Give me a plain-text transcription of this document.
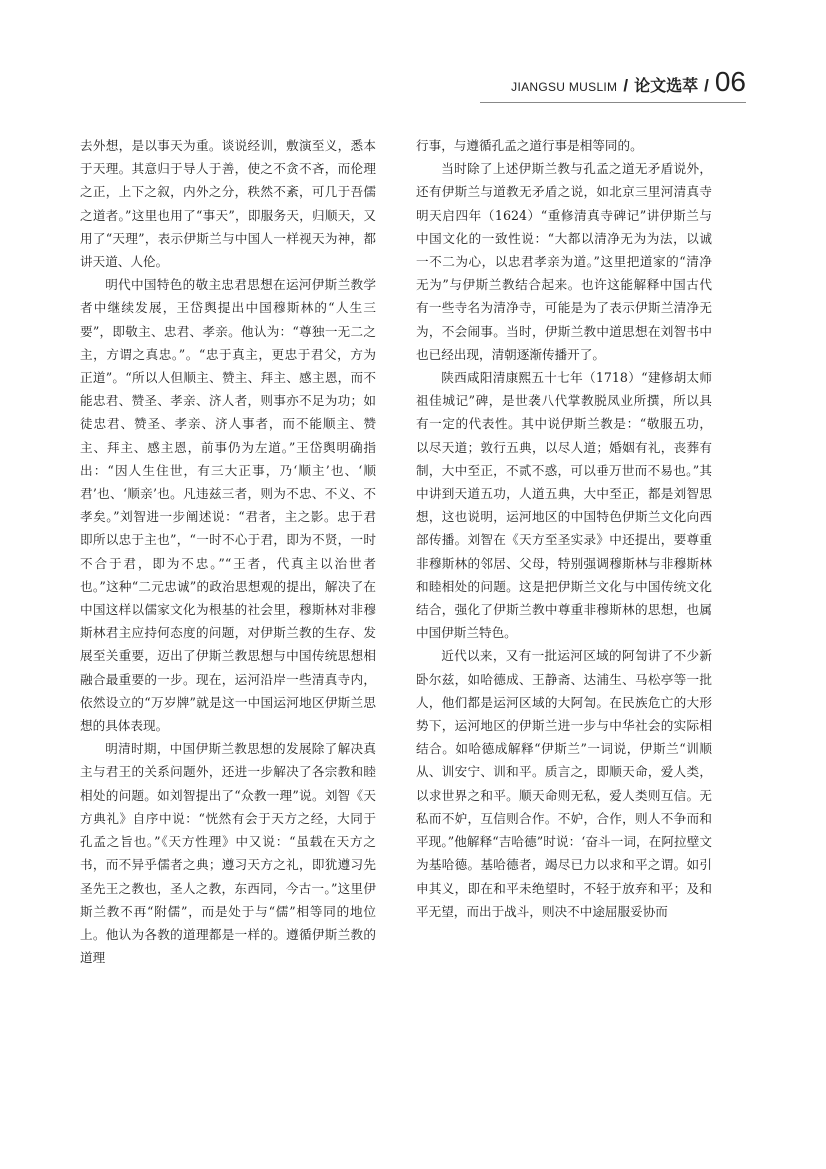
JIANGSU MUSLIM / 论文选萃 / 06

去外想，是以事天为重。谈说经训，敷演至义，悉本于天理。其意归于导人于善，使之不贪不吝，而伦理之正，上下之叙，内外之分，秩然不紊，可几于吾儒之道者。”这里也用了“事天”，即服务天，归顺天，又用了“天理”，表示伊斯兰与中国人一样视天为神，都讲天道、人伦。

明代中国特色的敬主忠君思想在运河伊斯兰教学者中继续发展，王岱舆提出中国穆斯林的“人生三要”，即敬主、忠君、孝亲。他认为：“尊独一无二之主，方谓之真忠。”。“忠于真主，更忠于君父，方为正道”。“所以人但顺主、赞主、拜主、感主恩，而不能忠君、赞圣、孝亲、济人者，则事亦不足为功；如徒忠君、赞圣、孝亲、济人事者，而不能顺主、赞主、拜主、感主恩，前事仍为左道。”王岱舆明确指出：“因人生住世，有三大正事，乃‘顺主’也、‘顺君’也、‘顺亲’也。凡违兹三者，则为不忠、不义、不孝矣。”刘智进一步阐述说：“君者，主之影。忠于君即所以忠于主也”，“一时不心于君，即为不贤，一时不合于君，即为不忠。”“王者，代真主以治世者也。”这种“二元忠诚”的政治思想观的提出，解决了在中国这样以儒家文化为根基的社会里，穆斯林对非穆斯林君主应持何态度的问题，对伊斯兰教的生存、发展至关重要，迈出了伊斯兰教思想与中国传统思想相融合最重要的一步。现在，运河沿岸一些清真寺内，依然设立的“万岁牌”就是这一中国运河地区伊斯兰思想的具体表现。

明清时期，中国伊斯兰教思想的发展除了解决真主与君王的关系问题外，还进一步解决了各宗教和睦相处的问题。如刘智提出了“众教一理”说。刘智《天方典礼》自序中说：“恍然有会于天方之经，大同于孔孟之旨也。”《天方性理》中又说：“虽载在天方之书，而不异乎儒者之典；遵习天方之礼，即犹遵习先圣先王之教也，圣人之教，东西同，今古一。”这里伊斯兰教不再“附儒”，而是处于与“儒”相等同的地位上。他认为各教的道理都是一样的。遵循伊斯兰教的道理

行事，与遵循孔孟之道行事是相等同的。

当时除了上述伊斯兰教与孔孟之道无矛盾说外，还有伊斯兰与道教无矛盾之说，如北京三里河清真寺明天启四年（1624）“重修清真寺碑记”讲伊斯兰与中国文化的一致性说：“大都以清净无为为法，以诚一不二为心，以忠君孝亲为道。”这里把道家的“清净无为”与伊斯兰教结合起来。也许这能解释中国古代有一些寺名为清净寺，可能是为了表示伊斯兰清净无为，不会闹事。当时，伊斯兰教中道思想在刘智书中也已经出现，清朝逐渐传播开了。

陕西咸阳清康熙五十七年（1718）“建修胡太师祖佳城记”碑，是世袭八代掌教脱凤业所撰，所以具有一定的代表性。其中说伊斯兰教是：“敬服五功，以尽天道；敦行五典，以尽人道；婚姻有礼，丧葬有制，大中至正，不贰不惑，可以垂万世而不易也。”其中讲到天道五功，人道五典，大中至正，都是刘智思想，这也说明，运河地区的中国特色伊斯兰文化向西部传播。刘智在《天方至圣实录》中还提出，要尊重非穆斯林的邻居、父母，特别强调穆斯林与非穆斯林和睦相处的问题。这是把伊斯兰文化与中国传统文化结合，强化了伊斯兰教中尊重非穆斯林的思想，也属中国伊斯兰特色。

近代以来，又有一批运河区域的阿訇讲了不少新卧尔兹，如哈德成、王静斋、达浦生、马松亭等一批人，他们都是运河区域的大阿訇。在民族危亡的大形势下，运河地区的伊斯兰进一步与中华社会的实际相结合。如哈德成解释“伊斯兰”一词说，伊斯兰“训顺从、训安宁、训和平。质言之，即顺天命，爱人类，以求世界之和平。顺天命则无私，爱人类则互信。无私而不妒，互信则合作。不妒，合作，则人不争而和平现。”他解释“吉哈德”时说：‘奋斗一词，在阿拉壁文为基哈德。基哈德者，竭尽已力以求和平之谓。如引申其义，即在和平未绝望时，不轻于放弃和平；及和平无望，而出于战斗，则决不中途屈服妥协而
